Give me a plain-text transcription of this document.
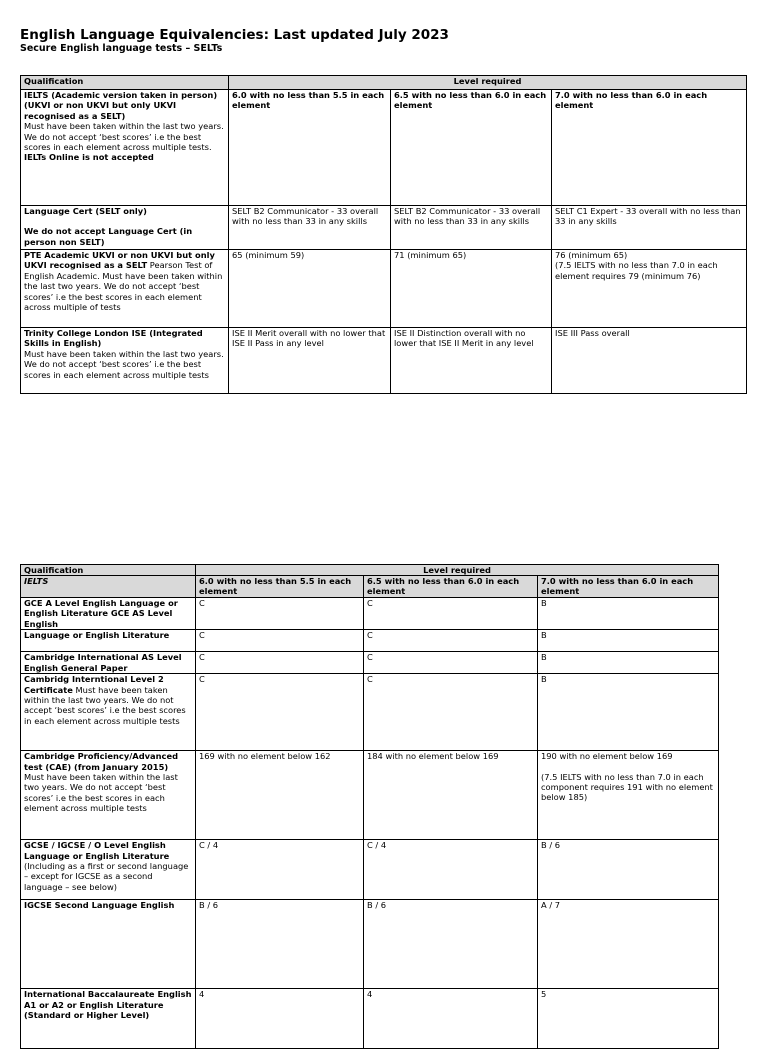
English Language Equivalencies: Last updated July 2023
Secure English language tests – SELTs
Qualification	Level required		

IELTS (Academic version taken in person)
(UKVI or non UKVI but only UKVI recognised as a SELT)
Must have been taken within the last two years. We do not accept ‘best scores’ i.e the best scores in each element across multiple tests.
IELTs Online is not accepted	6.0 with no less than 5.5 in each element	6.5 with no less than 6.0 in each element	7.0 with no less than 6.0 in each element

Language Cert (SELT only)
We do not accept Language Cert (in person non SELT)	SELT B2 Communicator - 33 overall with no less than 33 in any skills	SELT B2 Communicator - 33 overall with no less than 33 in any skills	SELT C1 Expert - 33 overall with no less than 33 in any skills
PTE Academic UKVI or non UKVI but only UKVI recognised as a SELT Pearson Test of English Academic. Must have been taken within the last two years. We do not accept ‘best scores’ i.e the best scores in each element across multiple of tests	65 (minimum 59)	71 (minimum 65)	76 (minimum 65)
(7.5 IELTS with no less than 7.0 in each element requires 79 (minimum 76)

Trinity College London ISE (Integrated Skills in English)
Must have been taken within the last two years. We do not accept ‘best scores’ i.e the best scores in each element across multiple tests	ISE II Merit overall with no lower that ISE II Pass in any level	ISE II Distinction overall with no lower that ISE II Merit in any level	ISE III Pass overall
Qualification	Level required		
IELTS	6.0 with no less than 5.5 in each element	6.5 with no less than 6.0 in each element	7.0 with no less than 6.0 in each element
GCE A Level English Language or English Literature GCE AS Level English	C	C	B
Language or English Literature	C	C	B
Cambridge International AS Level English General Paper	C	C	B
Cambridg Interntional Level 2 Certificate Must have been taken within the last two years. We do not accept ‘best scores’ i.e the best scores in each element across multiple tests	C	C	B

Cambridge Proficiency/Advanced test (CAE) (from January 2015)
Must have been taken within the last two years. We do not accept ‘best scores’ i.e the best scores in each element across multiple tests	169 with no element below 162	184 with no element below 169	190 with no element below 169
(7.5 IELTS with no less than 7.0 in each component requires 191 with no element below 185)

GCSE / IGCSE / O Level English Language or English Literature
(Including as a first or second language – except for IGCSE as a second language – see below)	C / 4	C / 4	B / 6
IGCSE Second Language English	B / 6	B / 6	A / 7
International Baccalaureate English A1 or A2 or English Literature (Standard or Higher Level)	4	4	5
